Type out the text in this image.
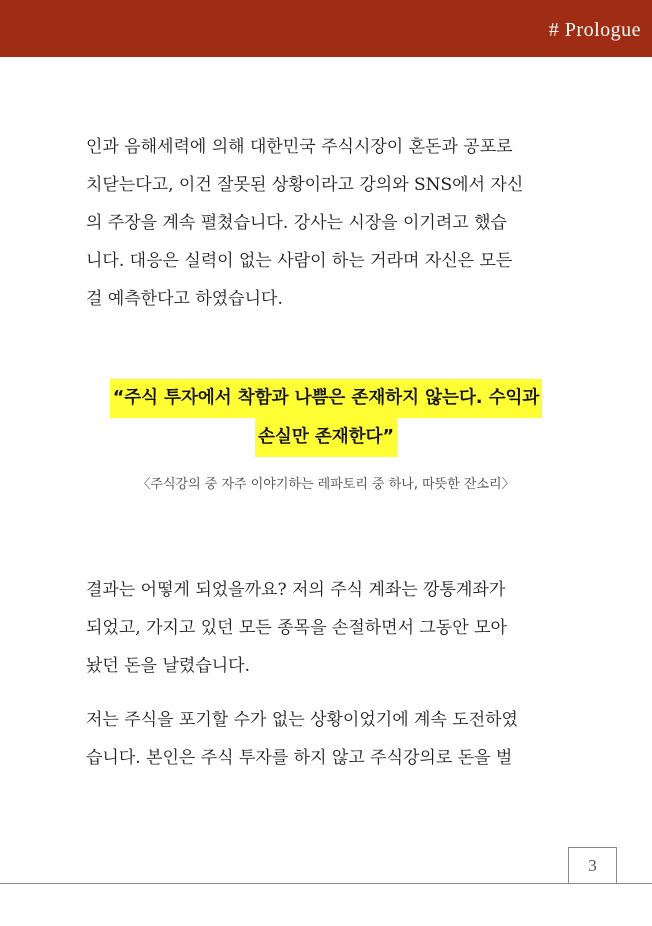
# Prologue

인과 음해세력에 의해 대한민국 주식시장이 혼돈과 공포로
치닫는다고, 이건 잘못된 상황이라고 강의와 SNS에서 자신
의 주장을 계속 펼쳤습니다. 강사는 시장을 이기려고 했습
니다. 대응은 실력이 없는 사람이 하는 거라며 자신은 모든
걸 예측한다고 하였습니다.

“주식 투자에서 착함과 나쁨은 존재하지 않는다. 수익과
손실만 존재한다”
〈주식강의 중 자주 이야기하는 레파토리 중 하나, 따뜻한 잔소리〉

결과는 어떻게 되었을까요? 저의 주식 계좌는 깡통계좌가
되었고, 가지고 있던 모든 종목을 손절하면서 그동안 모아
놨던 돈을 날렸습니다.

저는 주식을 포기할 수가 없는 상황이었기에 계속 도전하였
습니다. 본인은 주식 투자를 하지 않고 주식강의로 돈을 벌

3
